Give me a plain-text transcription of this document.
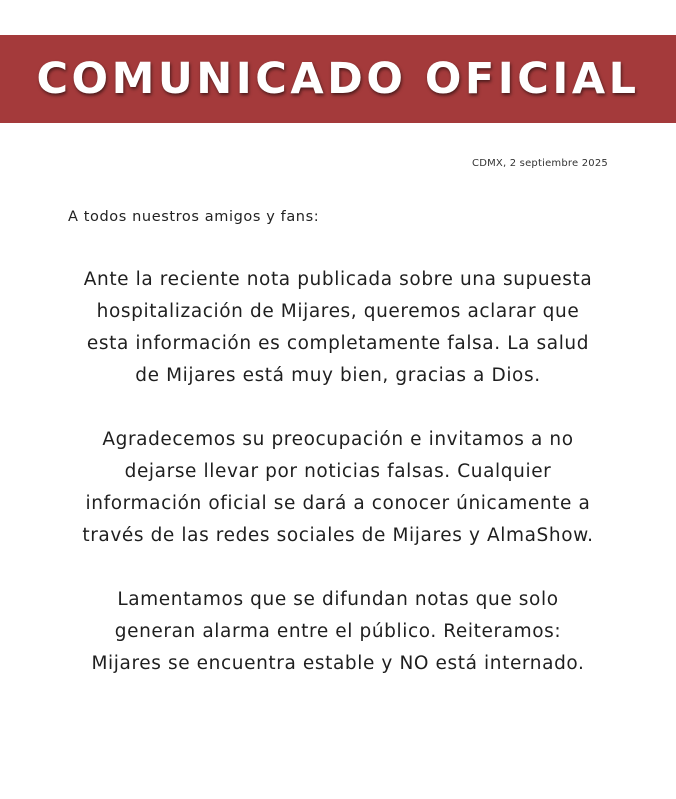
COMUNICADO OFICIAL
CDMX, 2 septiembre 2025
A todos nuestros amigos y fans:
Ante la reciente nota publicada sobre una supuesta
hospitalización de Mijares, queremos aclarar que
esta información es completamente falsa. La salud
de Mijares está muy bien, gracias a Dios.
Agradecemos su preocupación e invitamos a no
dejarse llevar por noticias falsas. Cualquier
información oficial se dará a conocer únicamente a
través de las redes sociales de Mijares y AlmaShow.
Lamentamos que se difundan notas que solo
generan alarma entre el público. Reiteramos:
Mijares se encuentra estable y NO está internado.
